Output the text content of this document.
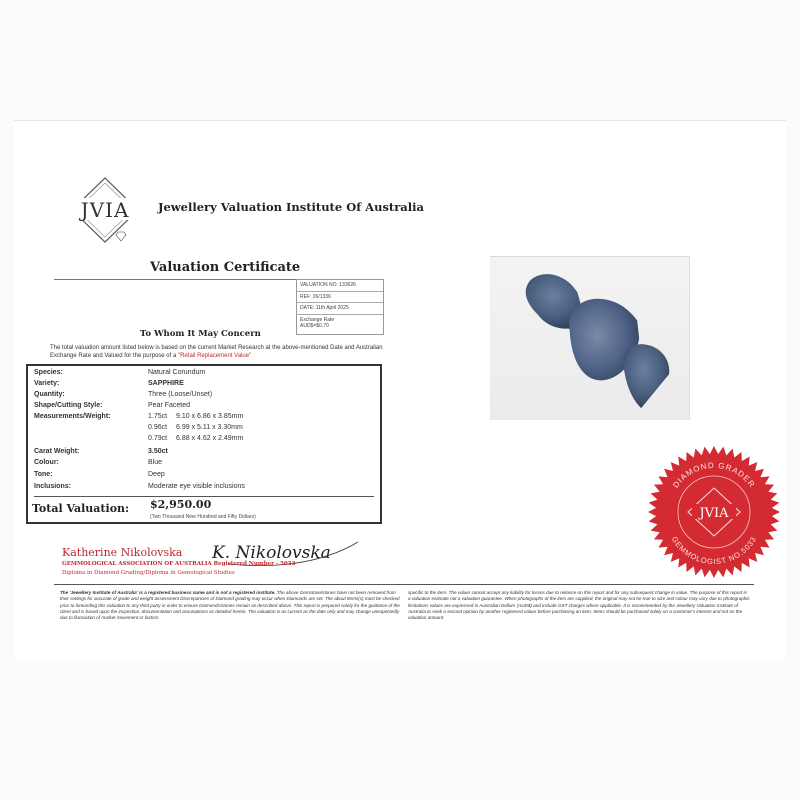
JVIA Jewellery Valuation Institute Of Australia
Valuation Certificate
VALUATION NO: 133626
REF: 26/1336
DATE: 11th April 2025
Exchange Rate
AUD$=$0.70
To Whom It May Concern
The total valuation amount listed below is based on the current Market Research at the above-mentioned Date and Australian Exchange Rate and Valued for the purpose of a "Retail Replacement Value"
Species:	Natural Corundum
Variety:	SAPPHIRE
Quantity:	Three (Loose/Unset)
Shape/Cutting Style:	Pear Faceted
Measurements/Weight:	1.75ct 9.10 x 6.86 x 3.85mm
0.96ct 6.99 x 5.11 x 3.30mm
0.79ct 6.88 x 4.62 x 2.49mm
Carat Weight:	3.50ct
Colour:	Blue
Tone:	Deep
Inclusions:	Moderate eye visible inclusions
Total Valuation: $2,950.00
(Two Thousand Nine Hundred and Fifty Dollars)
Katherine Nikolovska K. Nikolovska
GEMMOLOGICAL ASSOCIATION OF AUSTRALIA Registered Number - 5033
Diploma in Diamond Grading/Diploma in Gemological Studies
The 'Jewellery Institute of Australia' is a registered business name and is not a registered institute. The above Gemstone/stones have not been removed from their settings for accurate of grade and weight assessment Discrepancies of Diamond grading may occur when Diamonds are set. The about Items(s) must be checked prior to forwarding this valuation to any third party in order to ensure Diamonds/stones remain as described above. This report is prepared solely for the guidance of the client and is based upon the inspection, documentation and assumptions as detailed herein. The valuation is as current as the date only and may change unexpectedly due to fluctuation of market movement or factors
specific to the item. The valuer cannot accept any liability for losses due to reliance on this report and for any subsequent change in value. The purpose of this report is a valuation estimate not a valuation guarantee. When photographs of the item are supplied, the original may not be true to size and colour may vary due to photographic limitations values are expressed in Australian Dollars (AUD$) and include GST charges where applicable. It is recommended by the Jewellery Valuation Institute of Australia to seek a second opinion by another registered valuer before purchasing an item. Items should be purchased solely on a customer's interest and not on the valuation amount.
DIAMOND GRADER
GEMMOLOGIST NO.5033
JVIA
